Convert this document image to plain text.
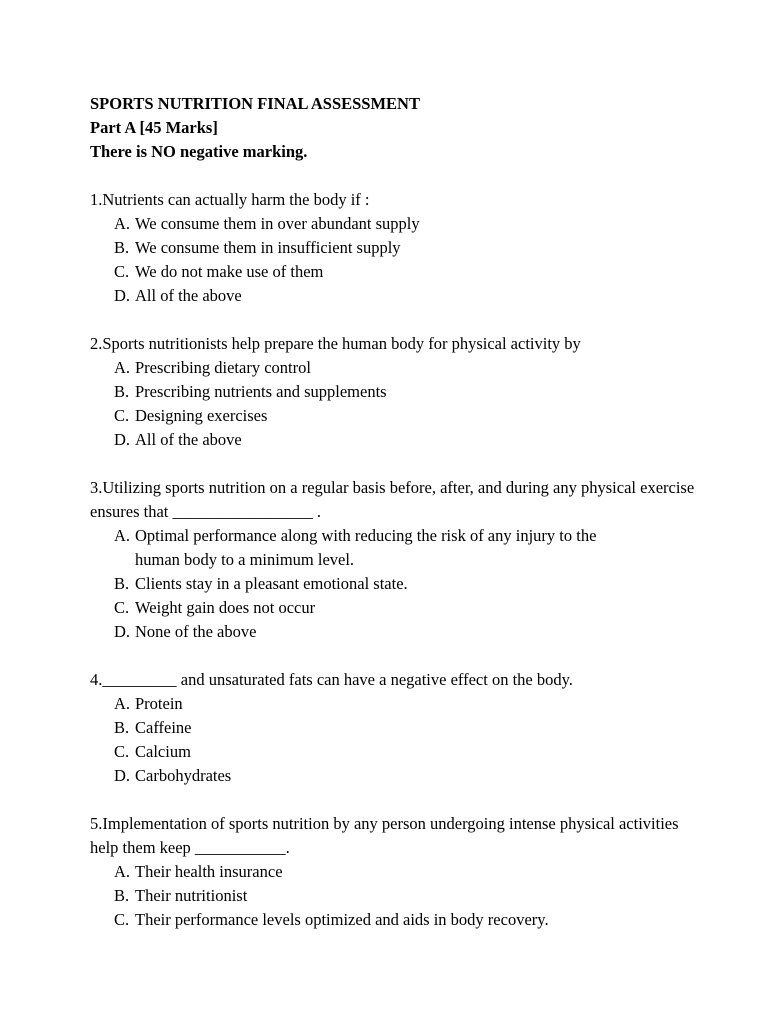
SPORTS NUTRITION FINAL ASSESSMENT
Part A [45 Marks]
There is NO negative marking.
1.Nutrients can actually harm the body if :
A. We consume them in over abundant supply
B. We consume them in insufficient supply
C. We do not make use of them
D. All of the above
2.Sports nutritionists help prepare the human body for physical activity by
A. Prescribing dietary control
B. Prescribing nutrients and supplements
C. Designing exercises
D. All of the above
3.Utilizing sports nutrition on a regular basis before, after, and during any physical exercise ensures that _________________ .
A. Optimal performance along with reducing the risk of any injury to the human body to a minimum level.
B. Clients stay in a pleasant emotional state.
C. Weight gain does not occur
D. None of the above
4._________ and unsaturated fats can have a negative effect on the body.
A. Protein
B. Caffeine
C. Calcium
D. Carbohydrates
5.Implementation of sports nutrition by any person undergoing intense physical activities help them keep ___________.
A. Their health insurance
B. Their nutritionist
C. Their performance levels optimized and aids in body recovery.
